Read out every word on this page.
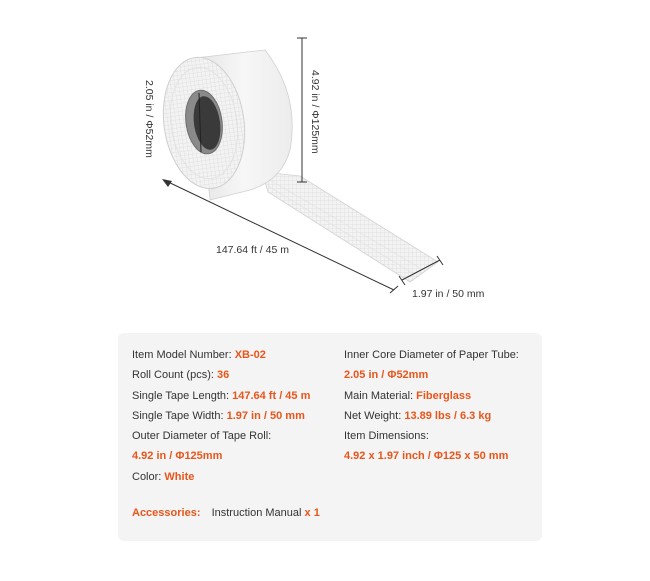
2.05 in / Φ52mm	4.92 in / Φ125mm
147.64 ft / 45 m
1.97 in / 50 mm
Item Model Number: XB-02
Roll Count (pcs): 36
Single Tape Length: 147.64 ft / 45 m
Single Tape Width: 1.97 in / 50 mm
Outer Diameter of Tape Roll:
4.92 in / Φ125mm
Color: White
Inner Core Diameter of Paper Tube:
2.05 in / Φ52mm
Main Material: Fiberglass
Net Weight: 13.89 lbs / 6.3 kg
Item Dimensions:
4.92 x 1.97 inch / Φ125 x 50 mm
Accessories: Instruction Manual x 1
